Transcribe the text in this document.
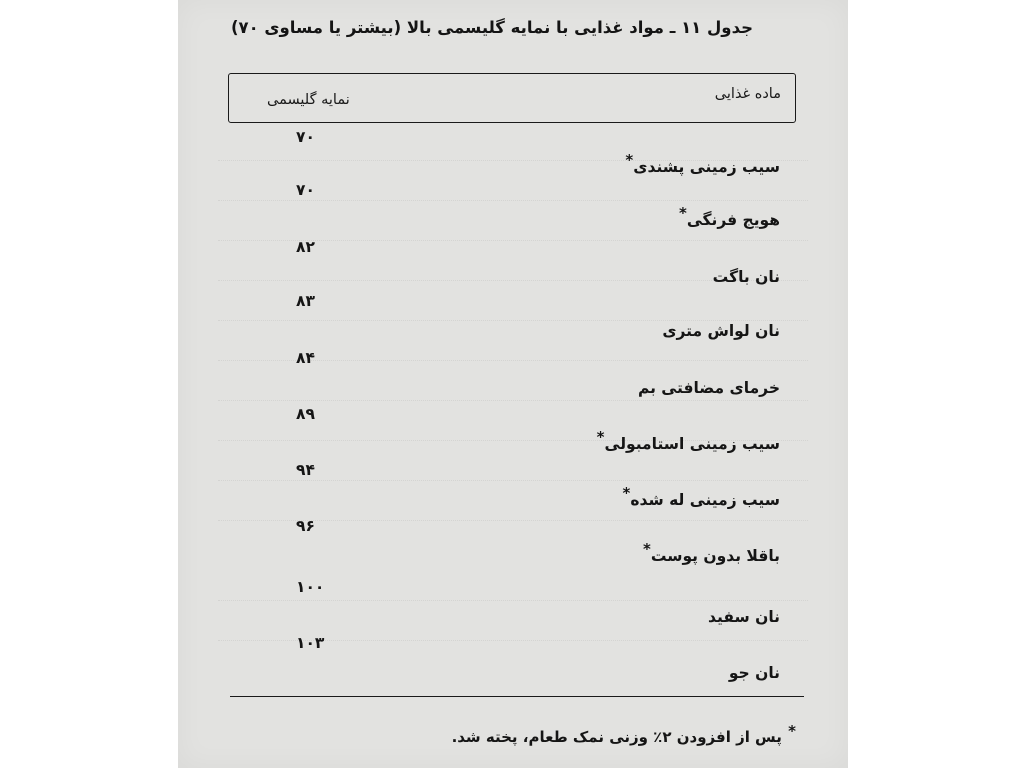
جدول ۱۱ ـ مواد غذایی با نمایه گلیسمی بالا (بیشتر یا مساوی ۷۰)
ماده غذایی
نمایه گلیسمی
۷۰
سیب زمینی پشندی*
۷۰
هویج فرنگی*
۸۲
نان باگت
۸۳
نان لواش متری
۸۴
خرمای مضافتی بم
۸۹
سیب زمینی استامبولی*
۹۴
سیب زمینی له شده*
۹۶
باقلا بدون پوست*
۱۰۰
نان سفید
۱۰۳
نان جو
* پس از افزودن ۲٪ وزنی نمک طعام، پخته شد.
